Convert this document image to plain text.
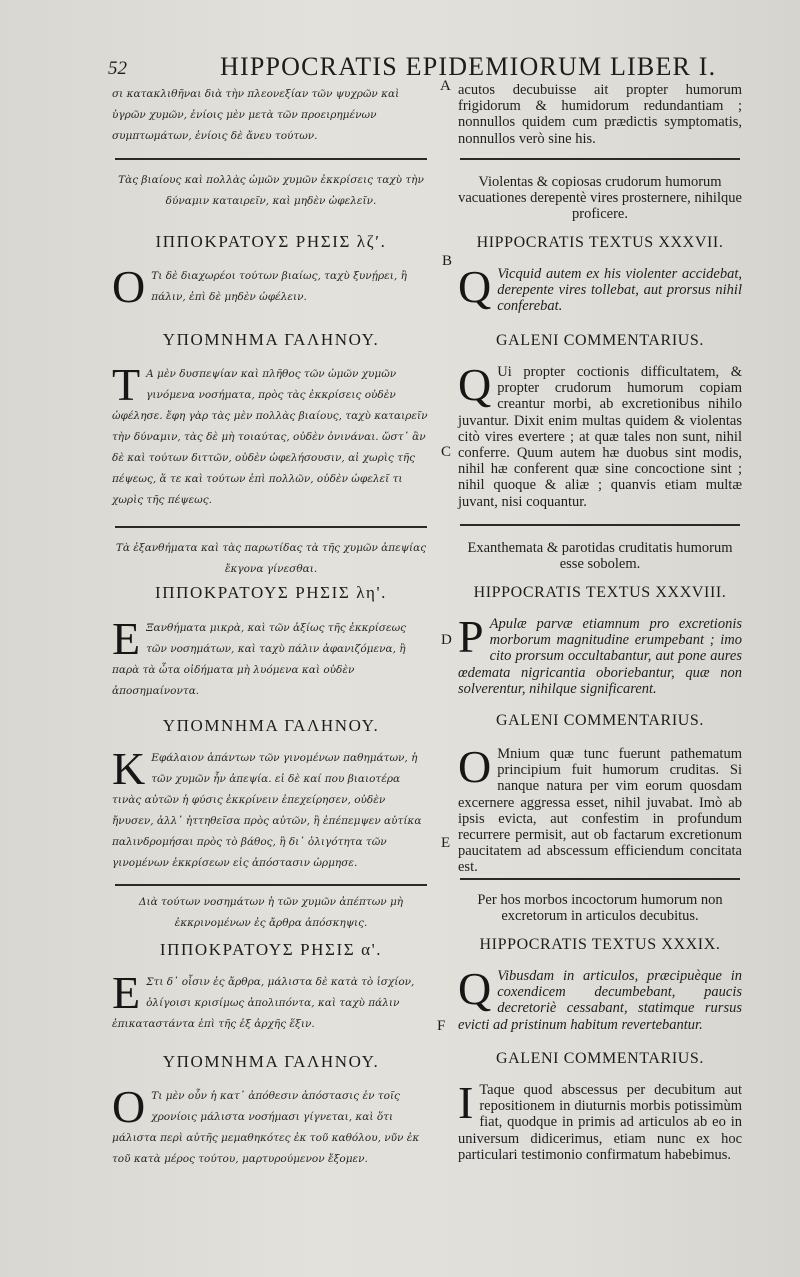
52	HIPPOCRATIS EPIDEMIORUM LIBER I.
A
B
C
D
E
F

σι κατακλιθῆναι διὰ τὴν πλεονεξίαν τῶν ψυχρῶν καὶ ὑγρῶν χυμῶν, ἐνίοις μὲν μετὰ τῶν προειρημένων συμπτωμάτων, ἐνίοις δὲ ἄνευ τούτων.

acutos decubuisse ait propter humorum frigidorum & humidorum redundantiam ; nonnullos quidem cum prædictis symptomatis, nonnullos verò sine his.

Τὰς βιαίους καὶ πολλὰς ὠμῶν χυμῶν ἐκκρίσεις ταχὺ τὴν δύναμιν καταιρεῖν, καὶ μηδὲν ὠφελεῖν.

Violentas & copiosas crudorum humorum vacuationes derepentè vires prosternere, nihilque proficere.

ΙΠΠΟΚΡΑΤΟΥΣ ΡΗΣΙΣ λζʹ.	HIPPOCRATIS TEXTUS XXXVII.

O Τι δὲ διαχωρέοι τούτων βιαίως, ταχὺ ξυνῄρει, ἢ πάλιν, ἐπὶ δὲ μηδὲν ὠφέλειν.	Q Vicquid autem ex his violenter accidebat, derepente vires tollebat, aut prorsus nihil conferebat.

ΥΠΟΜΝΗΜΑ ΓΑΛΗΝΟΥ.	GALENI COMMENTARIUS.

T Α μὲν δυσπεψίαν καὶ πλῆθος τῶν ὠμῶν χυμῶν γινόμενα νοσήματα, πρὸς τὰς ἐκκρίσεις οὐδὲν ὠφέλησε. ἔφη γὰρ τὰς μὲν πολλὰς βιαίους, ταχὺ καταιρεῖν τὴν δύναμιν, τὰς δὲ μὴ τοιαύτας, οὐδὲν ὀνινάναι. ὥστ᾽ ἂν δὲ καὶ τούτων διττῶν, οὐδὲν ὠφελήσουσιν, αἱ χωρὶς τῆς πέψεως, ἅ τε καὶ τούτων ἐπὶ πολλῶν, οὐδὲν ὠφελεῖ τι χωρὶς τῆς πέψεως.

Q Ui propter coctionis difficultatem, & propter crudorum humorum copiam creantur morbi, ab excretionibus nihilo juvantur. Dixit enim multas quidem & violentas citò vires evertere ; at quæ tales non sunt, nihil conferre. Quum autem hæ duobus sint modis, nihil hæ conferent quæ sine concoctione sint ; nihil quoque & aliæ ; quanvis etiam multæ juvant, nisi coquantur.

Τὰ ἐξανθήματα καὶ τὰς παρωτίδας τὰ τῆς χυμῶν ἀπεψίας ἔκγονα γίνεσθαι.

Exanthemata & parotidas cruditatis humorum esse sobolem.

ΙΠΠΟΚΡΑΤΟΥΣ ΡΗΣΙΣ λη'.	HIPPOCRATIS TEXTUS XXXVIII.

E Ξανθήματα μικρὰ, καὶ τῶν ἀξίως τῆς ἐκκρίσεως τῶν νοσημάτων, καὶ ταχὺ πάλιν ἀφανιζόμενα, ἢ παρὰ τὰ ὦτα οἰδήματα μὴ λυόμενα καὶ οὐδὲν ἀποσημαίνοντα.

P Apulæ parvæ etiamnum pro excretionis morborum magnitudine erumpebant ; imo cito prorsum occultabantur, aut pone aures œdemata nigricantia oboriebantur, quæ non solverentur, nihilque significarent.

ΥΠΟΜΝΗΜΑ ΓΑΛΗΝΟΥ.	GALENI COMMENTARIUS.

K Εφάλαιον ἁπάντων τῶν γινομένων παθημάτων, ἡ τῶν χυμῶν ἦν ἀπεψία. εἰ δὲ καί που βιαιοτέρα τινὰς αὐτῶν ἡ φύσις ἐκκρίνειν ἐπεχείρησεν, οὐδὲν ἤνυσεν, ἀλλ᾽ ἠττηθεῖσα πρὸς αὐτῶν, ἢ ἐπέπεμψεν αὐτίκα παλινδρομήσαι πρὸς τὸ βάθος, ἢ δι᾽ ὀλιγότητα τῶν γινομένων ἐκκρίσεων εἰς ἀπόστασιν ὡρμησε.

O Mnium quæ tunc fuerunt pathematum principium fuit humorum cruditas. Si nanque natura per vim eorum quosdam excernere aggressa esset, nihil juvabat. Imò ab ipsis evicta, aut confestim in profundum recurrere permisit, aut ob factarum excretionum paucitatem ad abscessum efficiendum concitata est.

Διὰ τούτων νοσημάτων ἡ τῶν χυμῶν ἀπέπτων μὴ ἐκκρινομένων ἐς ἄρθρα ἀπόσκηψις.

Per hos morbos incoctorum humorum non excretorum in articulos decubitus.

ΙΠΠΟΚΡΑΤΟΥΣ ΡΗΣΙΣ α'.	HIPPOCRATIS TEXTUS XXXIX.

E Στι δ᾽ οἷσιν ἐς ἄρθρα, μάλιστα δὲ κατὰ τὸ ἰσχίον, ὀλίγοισι κρισίμως ἀπολιπόντα, καὶ ταχὺ πάλιν ἐπικαταστάντα ἐπὶ τῆς ἐξ ἀρχῆς ἕξιν.

Q Vibusdam in articulos, præcipuèque in coxendicem decumbebant, paucis decretoriè cessabant, statimque rursus evicti ad pristinum habitum revertebantur.

ΥΠΟΜΝΗΜΑ ΓΑΛΗΝΟΥ.	GALENI COMMENTARIUS.

O Τι μὲν οὖν ἡ κατ᾽ ἀπόθεσιν ἀπόστασις ἐν τοῖς χρονίοις μάλιστα νοσήμασι γίγνεται, καὶ ὅτι μάλιστα περὶ αὐτῆς μεμαθηκότες ἐκ τοῦ καθόλου, νῦν ἐκ τοῦ κατὰ μέρος τούτου, μαρτυρούμενον ἔξομεν.

I Taque quod abscessus per decubitum aut repositionem in diuturnis morbis potissimùm fiat, quodque in primis ad articulos ab eo in universum didicerimus, etiam nunc ex hoc particulari testimonio confirmatum habebimus.
